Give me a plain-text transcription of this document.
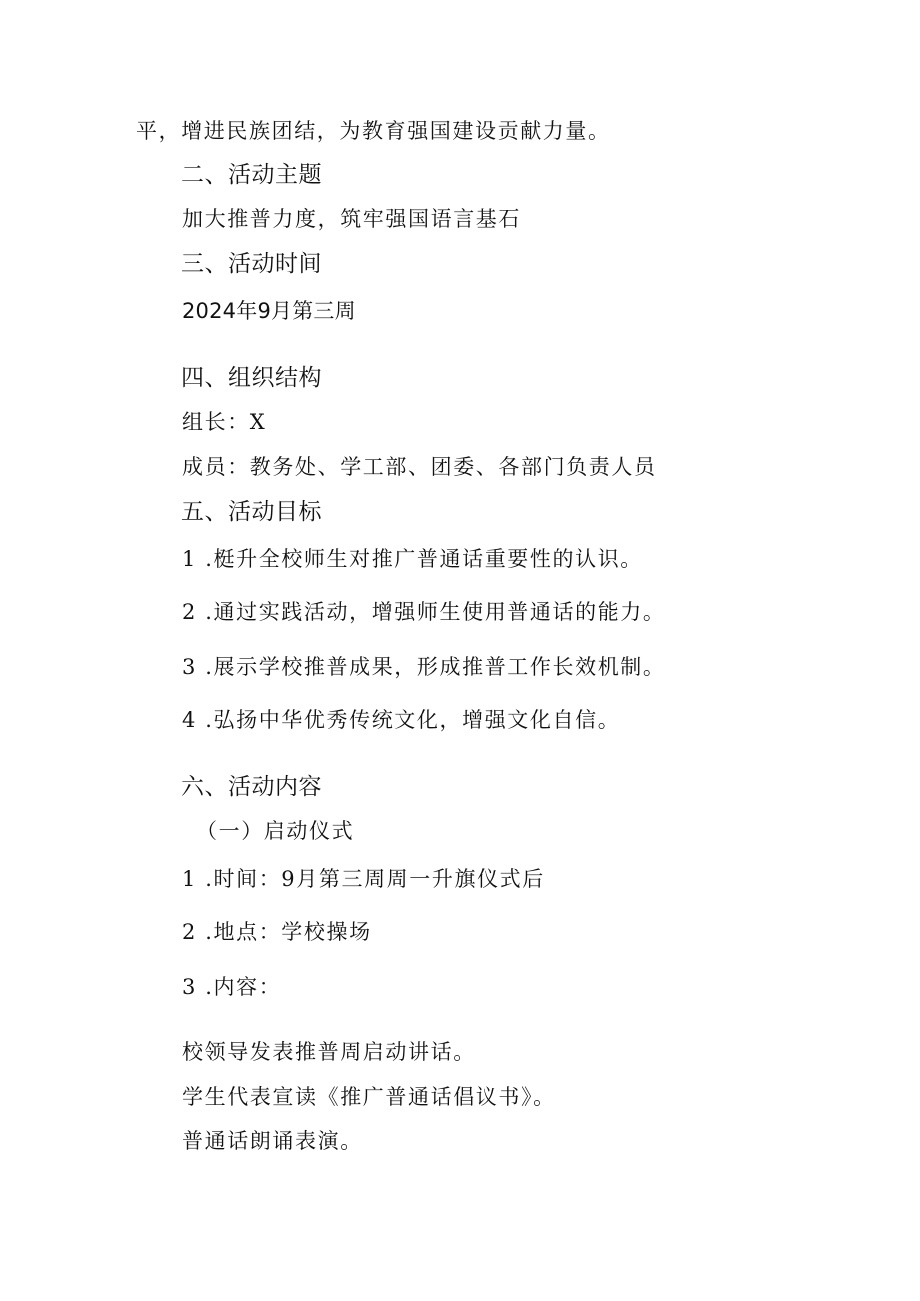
平，增进民族团结，为教育强国建设贡献力量。
二、活动主题
加大推普力度，筑牢强国语言基石
三、活动时间
2024年9月第三周
四、组织结构
组长：X
成员：教务处、学工部、团委、各部门负责人员
五、活动目标
1 .梃升全校师生对推广普通话重要性的认识。
2 .通过实践活动，增强师生使用普通话的能力。
3 .展示学校推普成果，形成推普工作长效机制。
4 .弘扬中华优秀传统文化，增强文化自信。
六、活动内容
（一）启动仪式
1 .时间：9月第三周周一升旗仪式后
2 .地点：学校操场
3 .内容：
校领导发表推普周启动讲话。
学生代表宣读《推广普通话倡议书》。
普通话朗诵表演。
